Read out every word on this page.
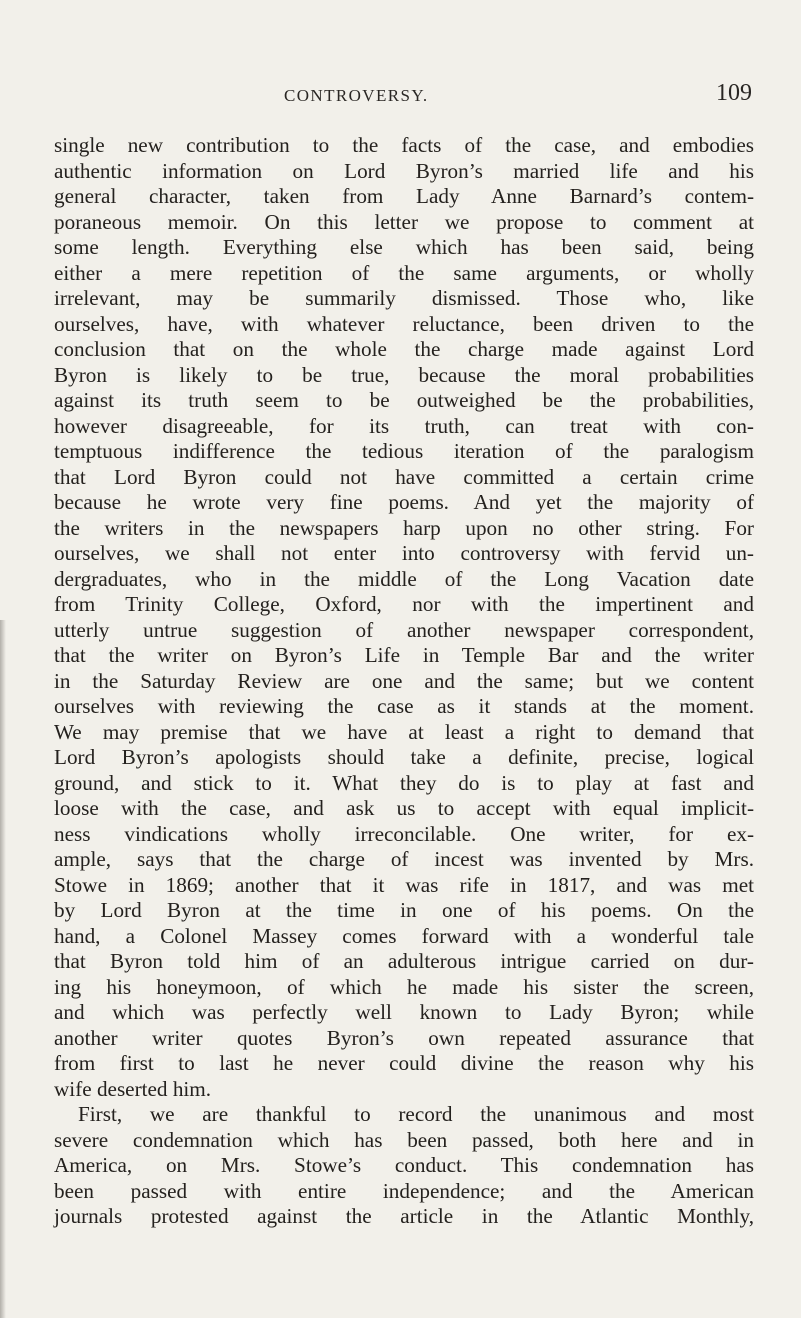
CONTROVERSY.	109
single new contribution to the facts of the case, and embodies
authentic information on Lord Byron’s married life and his
general character, taken from Lady Anne Barnard’s contem-
poraneous memoir. On this letter we propose to comment at
some length. Everything else which has been said, being
either a mere repetition of the same arguments, or wholly
irrelevant, may be summarily dismissed. Those who, like
ourselves, have, with whatever reluctance, been driven to the
conclusion that on the whole the charge made against Lord
Byron is likely to be true, because the moral probabilities
against its truth seem to be outweighed be the probabilities,
however disagreeable, for its truth, can treat with con-
temptuous indifference the tedious iteration of the paralogism
that Lord Byron could not have committed a certain crime
because he wrote very fine poems. And yet the majority of
the writers in the newspapers harp upon no other string. For
ourselves, we shall not enter into controversy with fervid un-
dergraduates, who in the middle of the Long Vacation date
from Trinity College, Oxford, nor with the impertinent and
utterly untrue suggestion of another newspaper correspondent,
that the writer on Byron’s Life in Temple Bar and the writer
in the Saturday Review are one and the same; but we content
ourselves with reviewing the case as it stands at the moment.
We may premise that we have at least a right to demand that
Lord Byron’s apologists should take a definite, precise, logical
ground, and stick to it. What they do is to play at fast and
loose with the case, and ask us to accept with equal implicit-
ness vindications wholly irreconcilable. One writer, for ex-
ample, says that the charge of incest was invented by Mrs.
Stowe in 1869; another that it was rife in 1817, and was met
by Lord Byron at the time in one of his poems. On the
hand, a Colonel Massey comes forward with a wonderful tale
that Byron told him of an adulterous intrigue carried on dur-
ing his honeymoon, of which he made his sister the screen,
and which was perfectly well known to Lady Byron; while
another writer quotes Byron’s own repeated assurance that
from first to last he never could divine the reason why his
wife deserted him.
First, we are thankful to record the unanimous and most
severe condemnation which has been passed, both here and in
America, on Mrs. Stowe’s conduct. This condemnation has
been passed with entire independence; and the American
journals protested against the article in the Atlantic Monthly,
